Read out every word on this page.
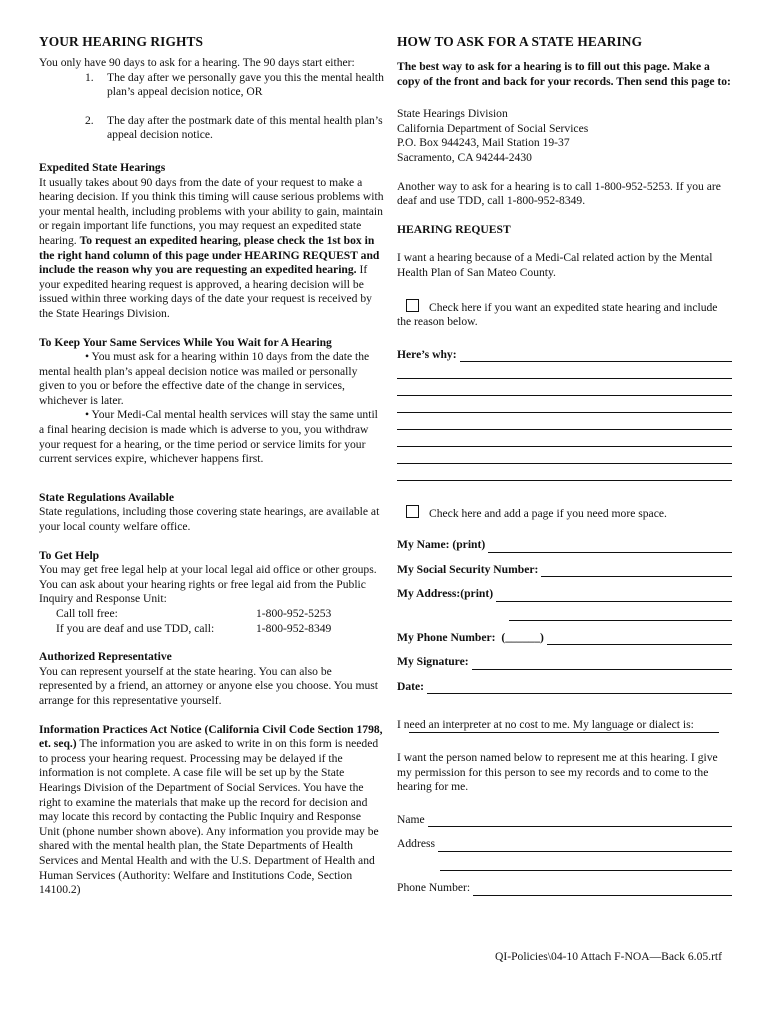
YOUR HEARING RIGHTS

You only have 90 days to ask for a hearing. The 90 days start either:

1.	The day after we personally gave you this the mental health plan’s appeal decision notice, OR
2.	The day after the postmark date of this mental health plan’s appeal decision notice.
Expedited State Hearings

It usually takes about 90 days from the date of your request to make a hearing decision. If you think this timing will cause serious problems with your mental health, including problems with your ability to gain, maintain or regain important life functions, you may request an expedited state hearing. To request an expedited hearing, please check the 1st box in the right hand column of this page under HEARING REQUEST and include the reason why you are requesting an expedited hearing. If your expedited hearing request is approved, a hearing decision will be issued within three working days of the date your request is received by the State Hearings Division.

To Keep Your Same Services While You Wait for A Hearing

• You must ask for a hearing within 10 days from the date the mental health plan’s appeal decision notice was mailed or personally given to you or before the effective date of the change in services, whichever is later.

• Your Medi-Cal mental health services will stay the same until a final hearing decision is made which is adverse to you, you withdraw your request for a hearing, or the time period or service limits for your current services expire, whichever happens first.

State Regulations Available

State regulations, including those covering state hearings, are available at your local county welfare office.

To Get Help

You may get free legal help at your local legal aid office or other groups. You can ask about your hearing rights or free legal aid from the Public Inquiry and Response Unit:

Call toll free:	1-800-952-5253
If you are deaf and use TDD, call:	1-800-952-8349
Authorized Representative

You can represent yourself at the state hearing. You can also be represented by a friend, an attorney or anyone else you choose. You must arrange for this representative yourself.

Information Practices Act Notice (California Civil Code Section 1798, et. seq.) The information you are asked to write in on this form is needed to process your hearing request. Processing may be delayed if the information is not complete. A case file will be set up by the State Hearings Division of the Department of Social Services. You have the right to examine the materials that make up the record for decision and may locate this record by contacting the Public Inquiry and Response Unit (phone number shown above). Any information you provide may be shared with the mental health plan, the State Departments of Health Services and Mental Health and with the U.S. Department of Health and Human Services (Authority: Welfare and Institutions Code, Section 14100.2)

HOW TO ASK FOR A STATE HEARING

The best way to ask for a hearing is to fill out this page. Make a copy of the front and back for your records. Then send this page to:

State Hearings Division
California Department of Social Services
P.O. Box 944243, Mail Station 19-37
Sacramento, CA 94244-2430

Another way to ask for a hearing is to call 1-800-952-5253. If you are deaf and use TDD, call 1-800-952-8349.

HEARING REQUEST

I want a hearing because of a Medi-Cal related action by the Mental Health Plan of San Mateo County.

Check here if you want an expedited state hearing and include the reason below.

Here’s why :

Check here and add a page if you need more space.

My Name: (print)
My Social Security Number:
My Address:(print)
My Phone Number:
(______)
My Signature:
Date:

I need an interpreter at no cost to me. My language or dialect is:

I want the person named below to represent me at this hearing. I give my permission for this person to see my records and to come to the hearing for me.

Name
Address
Phone Number:
QI-Policies\04-10 Attach F-NOA—Back 6.05.rtf
